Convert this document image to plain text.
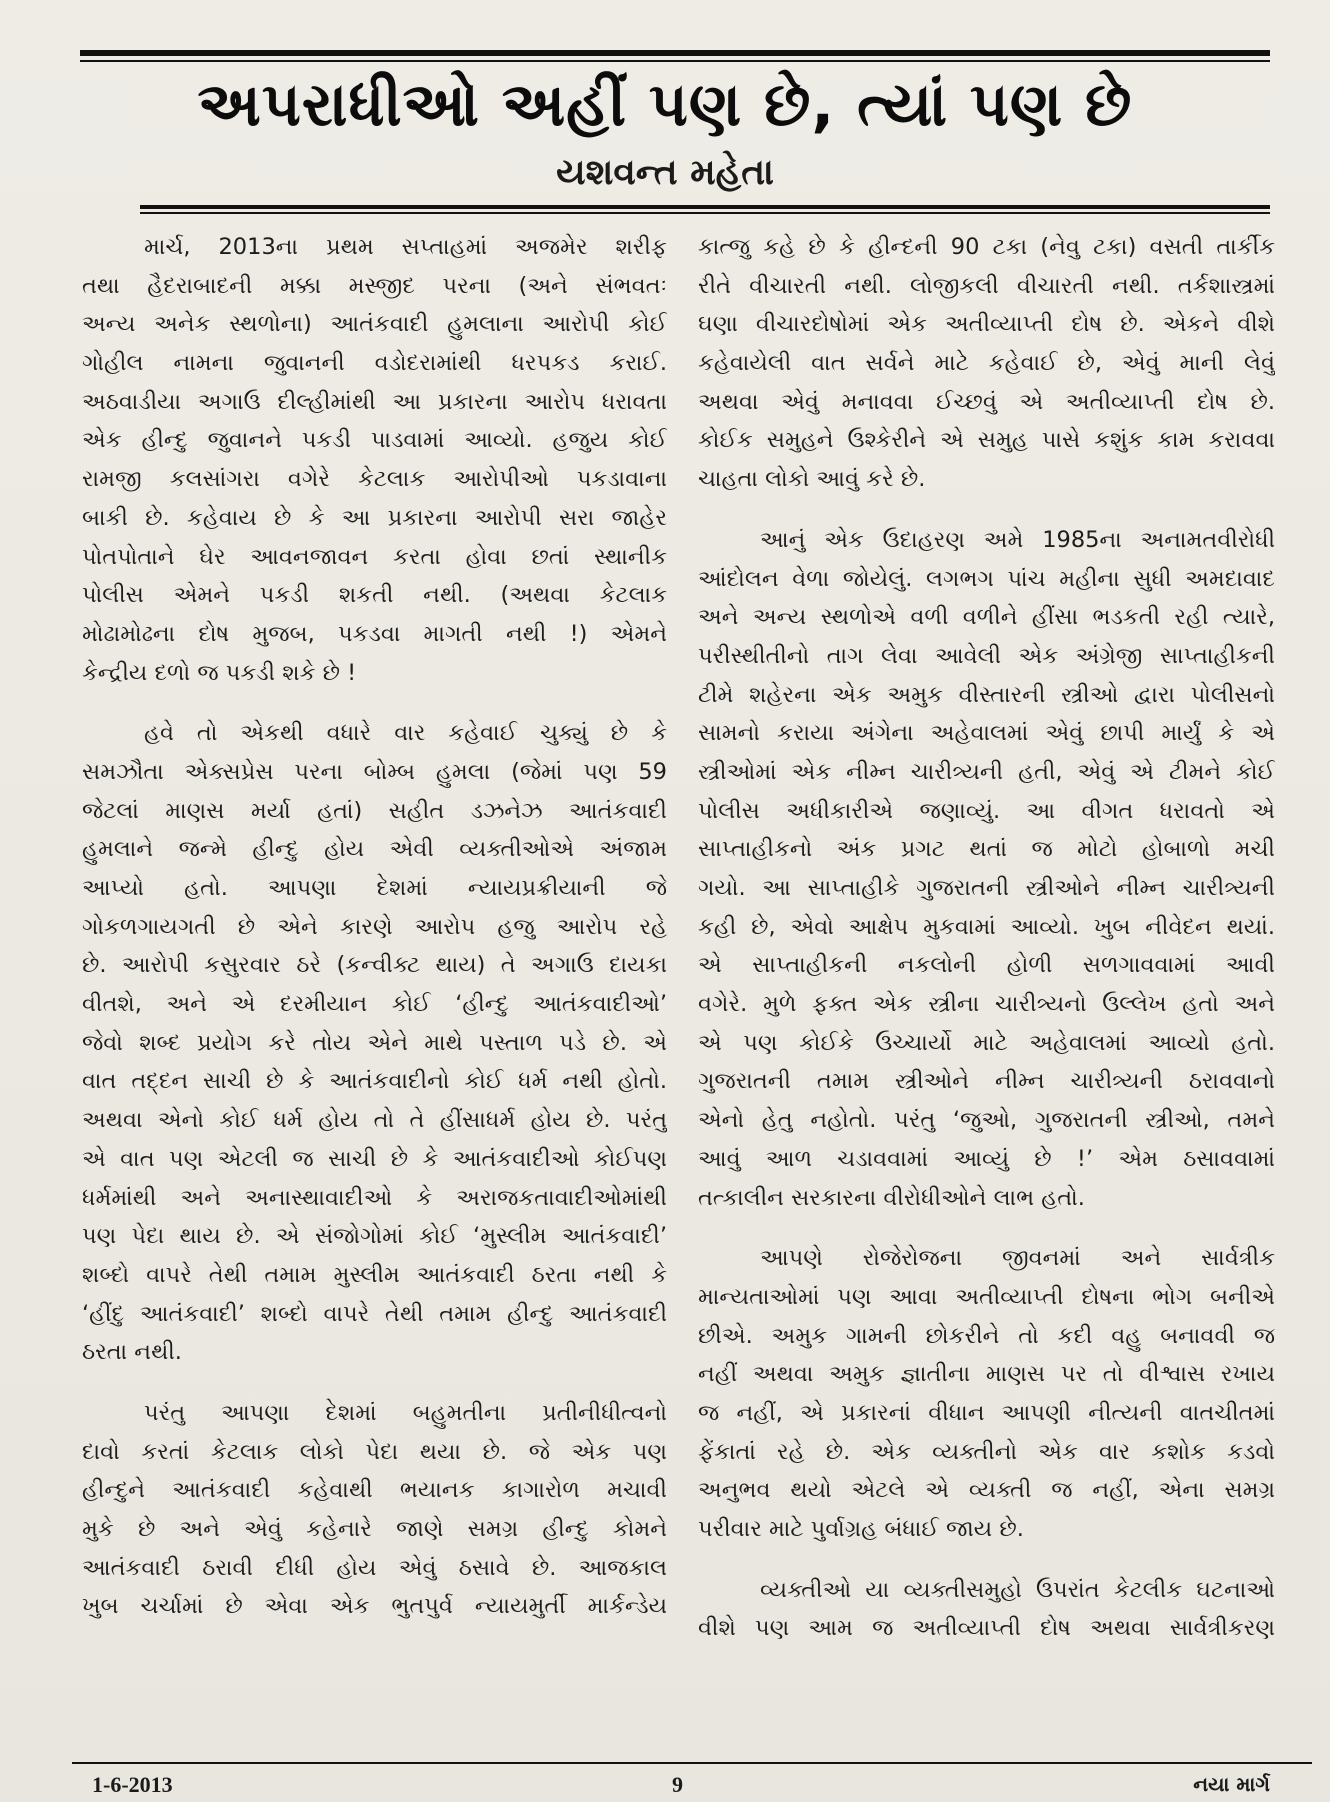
અપરાધીઓ અહીં પણ છે, ત્યાં પણ છે
યશવન્ત મહેતા
માર્ચ, 2013ના પ્રથમ સપ્તાહમાં અજમેર શરીફ
તથા હૈદરાબાદની મક્કા મસ્જીદ પરના (અને સંભવતઃ
અન્ય અનેક સ્થળોના) આતંકવાદી હુમલાના આરોપી કોઈ
ગોહીલ નામના જુવાનની વડોદરામાંથી ધરપકડ કરાઈ.
અઠવાડીયા અગાઉ દીલ્હીમાંથી આ પ્રકારના આરોપ ધરાવતા
એક હીન્દુ જુવાનને પકડી પાડવામાં આવ્યો. હજુય કોઈ
રામજી કલસાંગરા વગેરે કેટલાક આરોપીઓ પકડાવાના
બાકી છે. કહેવાય છે કે આ પ્રકારના આરોપી સરા જાહેર
પોતપોતાને ઘેર આવનજાવન કરતા હોવા છતાં સ્થાનીક
પોલીસ એમને પકડી શકતી નથી. (અથવા કેટલાક
મોઢામોઢના દોષ મુજબ, પકડવા માગતી નથી !) એમને
કેન્દ્રીય દળો જ પકડી શકે છે !
હવે તો એકથી વધારે વાર કહેવાઈ ચુક્યું છે કે
સમઝૌતા એક્સપ્રેસ પરના બોમ્બ હુમલા (જેમાં પણ 59
જેટલાં માણસ મર્યા હતાં) સહીત ડઝનેઝ આતંકવાદી
હુમલાને જન્મે હીન્દુ હોય એવી વ્યક્તીઓએ અંજામ
આપ્યો હતો. આપણા દેશમાં ન્યાયપ્રક્રીયાની જે
ગોકળગાયગતી છે એને કારણે આરોપ હજુ આરોપ રહે
છે. આરોપી કસુરવાર ઠરે (કન્વીક્ટ થાય) તે અગાઉ દાયકા
વીતશે, અને એ દરમીયાન કોઈ ‘હીન્દુ આતંકવાદીઓ’
જેવો શબ્દ પ્રયોગ કરે તોય એને માથે પસ્તાળ પડે છે. એ
વાત તદ્દન સાચી છે કે આતંકવાદીનો કોઈ ધર્મ નથી હોતો.
અથવા એનો કોઈ ધર્મ હોય તો તે હીંસાધર્મ હોય છે. પરંતુ
એ વાત પણ એટલી જ સાચી છે કે આતંકવાદીઓ કોઈપણ
ધર્મમાંથી અને અનાસ્થાવાદીઓ કે અરાજકતાવાદીઓમાંથી
પણ પેદા થાય છે. એ સંજોગોમાં કોઈ ‘મુસ્લીમ આતંકવાદી’
શબ્દો વાપરે તેથી તમામ મુસ્લીમ આતંકવાદી ઠરતા નથી કે
‘હીંદુ આતંકવાદી’ શબ્દો વાપરે તેથી તમામ હીન્દુ આતંકવાદી
ઠરતા નથી.
પરંતુ આપણા દેશમાં બહુમતીના પ્રતીનીધીત્વનો
દાવો કરતાં કેટલાક લોકો પેદા થયા છે. જે એક પણ
હીન્દુને આતંકવાદી કહેવાથી ભયાનક કાગારોળ મચાવી
મુકે છે અને એવું કહેનારે જાણે સમગ્ર હીન્દુ કોમને
આતંકવાદી ઠરાવી દીધી હોય એવું ઠસાવે છે. આજકાલ
ખુબ ચર્ચામાં છે એવા એક ભુતપુર્વ ન્યાયમુર્તી માર્કન્ડેય
કાત્જુ કહે છે કે હીન્દની 90 ટકા (નેવુ ટકા) વસતી તાર્કીક
રીતે વીચારતી નથી. લોજીકલી વીચારતી નથી. તર્કશાસ્ત્રમાં
ઘણા વીચારદોષોમાં એક અતીવ્યાપ્તી દોષ છે. એકને વીશે
કહેવાયેલી વાત સર્વને માટે કહેવાઈ છે, એવું માની લેવું
અથવા એવું મનાવવા ઈચ્છવું એ અતીવ્યાપ્તી દોષ છે.
કોઈક સમુહને ઉશ્કેરીને એ સમુહ પાસે કશુંક કામ કરાવવા
ચાહતા લોકો આવું કરે છે.
આનું એક ઉદાહરણ અમે 1985ના અનામતવીરોધી
આંદોલન વેળા જોયેલું. લગભગ પાંચ મહીના સુધી અમદાવાદ
અને અન્ય સ્થળોએ વળી વળીને હીંસા ભડકતી રહી ત્યારે,
પરીસ્થીતીનો તાગ લેવા આવેલી એક અંગ્રેજી સાપ્તાહીકની
ટીમે શહેરના એક અમુક વીસ્તારની સ્ત્રીઓ દ્વારા પોલીસનો
સામનો કરાયા અંગેના અહેવાલમાં એવું છાપી માર્યું કે એ
સ્ત્રીઓમાં એક નીમ્ન ચારીત્ર્યની હતી, એવું એ ટીમને કોઈ
પોલીસ અધીકારીએ જણાવ્યું. આ વીગત ધરાવતો એ
સાપ્તાહીકનો અંક પ્રગટ થતાં જ મોટો હોબાળો મચી
ગયો. આ સાપ્તાહીકે ગુજરાતની સ્ત્રીઓને નીમ્ન ચારીત્ર્યની
કહી છે, એવો આક્ષેપ મુકવામાં આવ્યો. ખુબ નીવેદન થયાં.
એ સાપ્તાહીકની નકલોની હોળી સળગાવવામાં આવી
વગેરે. મુળે ફક્ત એક સ્ત્રીના ચારીત્ર્યનો ઉલ્લેખ હતો અને
એ પણ કોઈકે ઉચ્ચાર્યો માટે અહેવાલમાં આવ્યો હતો.
ગુજરાતની તમામ સ્ત્રીઓને નીમ્ન ચારીત્ર્યની ઠરાવવાનો
એનો હેતુ નહોતો. પરંતુ ‘જુઓ, ગુજરાતની સ્ત્રીઓ, તમને
આવું આળ ચડાવવામાં આવ્યું છે !’ એમ ઠસાવવામાં
તત્કાલીન સરકારના વીરોધીઓને લાભ હતો.
આપણે રોજેરોજના જીવનમાં અને સાર્વત્રીક
માન્યતાઓમાં પણ આવા અતીવ્યાપ્તી દોષના ભોગ બનીએ
છીએ. અમુક ગામની છોકરીને તો કદી વહુ બનાવવી જ
નહીં અથવા અમુક જ્ઞાતીના માણસ પર તો વીશ્વાસ રખાય
જ નહીં, એ પ્રકારનાં વીધાન આપણી નીત્યની વાતચીતમાં
ફેંકાતાં રહે છે. એક વ્યક્તીનો એક વાર કશોક કડવો
અનુભવ થયો એટલે એ વ્યક્તી જ નહીં, એના સમગ્ર
પરીવાર માટે પુર્વાગ્રહ બંધાઈ જાય છે.
વ્યક્તીઓ યા વ્યક્તીસમુહો ઉપરાંત કેટલીક ઘટનાઓ
વીશે પણ આમ જ અતીવ્યાપ્તી દોષ અથવા સાર્વત્રીકરણ
1-6-2013	9	નયા માર્ગ
